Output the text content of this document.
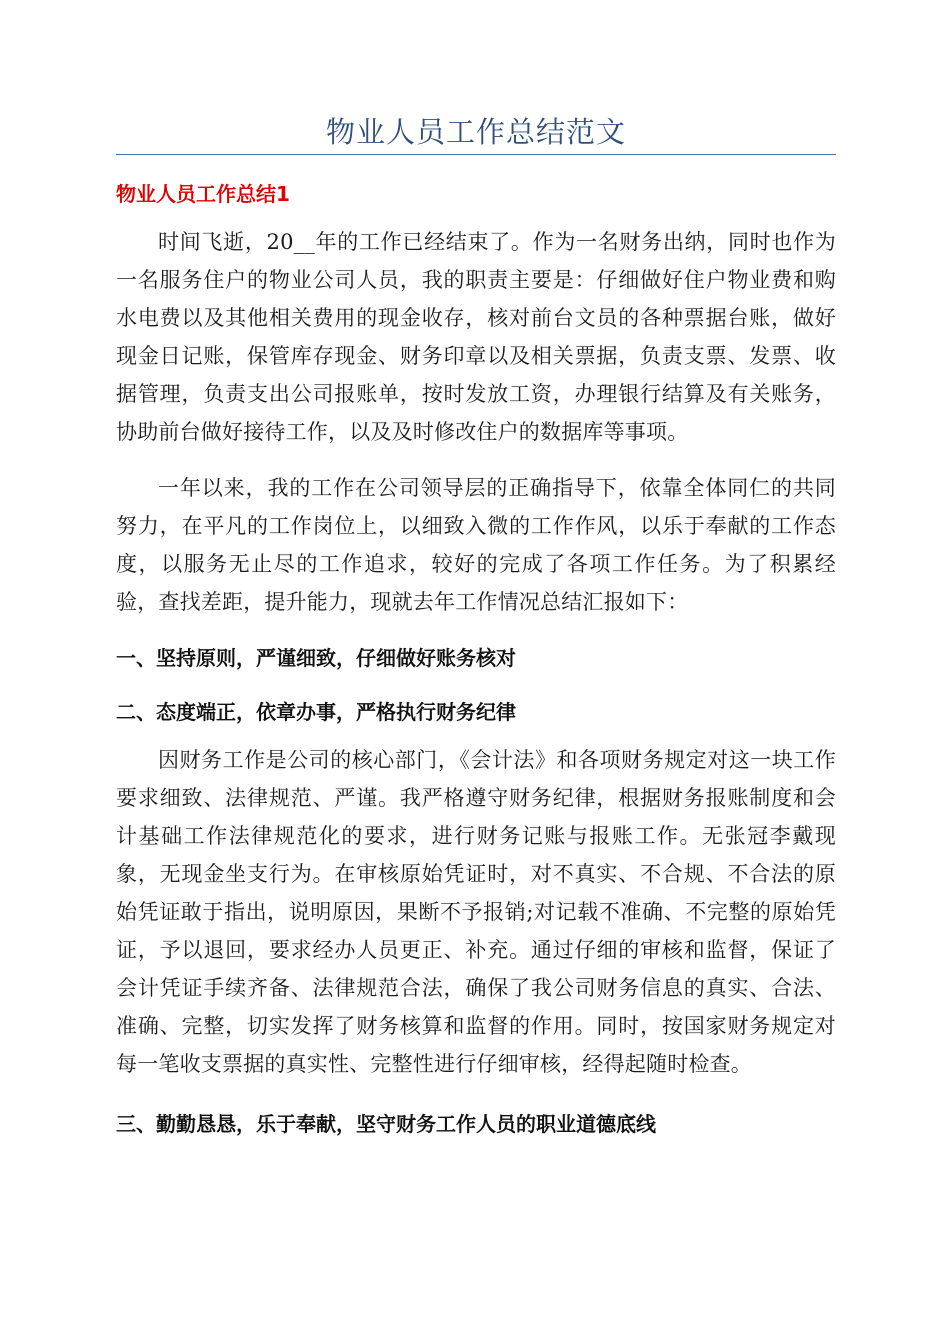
物业人员工作总结范文
物业人员工作总结1

时间飞逝，20__年的工作已经结束了。作为一名财务出纳，同时也作为一名服务住户的物业公司人员，我的职责主要是：仔细做好住户物业费和购水电费以及其他相关费用的现金收存，核对前台文员的各种票据台账，做好现金日记账，保管库存现金、财务印章以及相关票据，负责支票、发票、收据管理，负责支出公司报账单，按时发放工资，办理银行结算及有关账务，协助前台做好接待工作，以及及时修改住户的数据库等事项。

一年以来，我的工作在公司领导层的正确指导下，依靠全体同仁的共同努力，在平凡的工作岗位上，以细致入微的工作作风，以乐于奉献的工作态度，以服务无止尽的工作追求，较好的完成了各项工作任务。为了积累经验，查找差距，提升能力，现就去年工作情况总结汇报如下：

一、坚持原则，严谨细致，仔细做好账务核对
二、态度端正，依章办事，严格执行财务纪律

因财务工作是公司的核心部门，《会计法》和各项财务规定对这一块工作要求细致、法律规范、严谨。我严格遵守财务纪律，根据财务报账制度和会计基础工作法律规范化的要求，进行财务记账与报账工作。无张冠李戴现象，无现金坐支行为。在审核原始凭证时，对不真实、不合规、不合法的原始凭证敢于指出，说明原因，果断不予报销;对记载不准确、不完整的原始凭证，予以退回，要求经办人员更正、补充。通过仔细的审核和监督，保证了会计凭证手续齐备、法律规范合法，确保了我公司财务信息的真实、合法、准确、完整，切实发挥了财务核算和监督的作用。同时，按国家财务规定对每一笔收支票据的真实性、完整性进行仔细审核，经得起随时检查。

三、勤勤恳恳，乐于奉献，坚守财务工作人员的职业道德底线
